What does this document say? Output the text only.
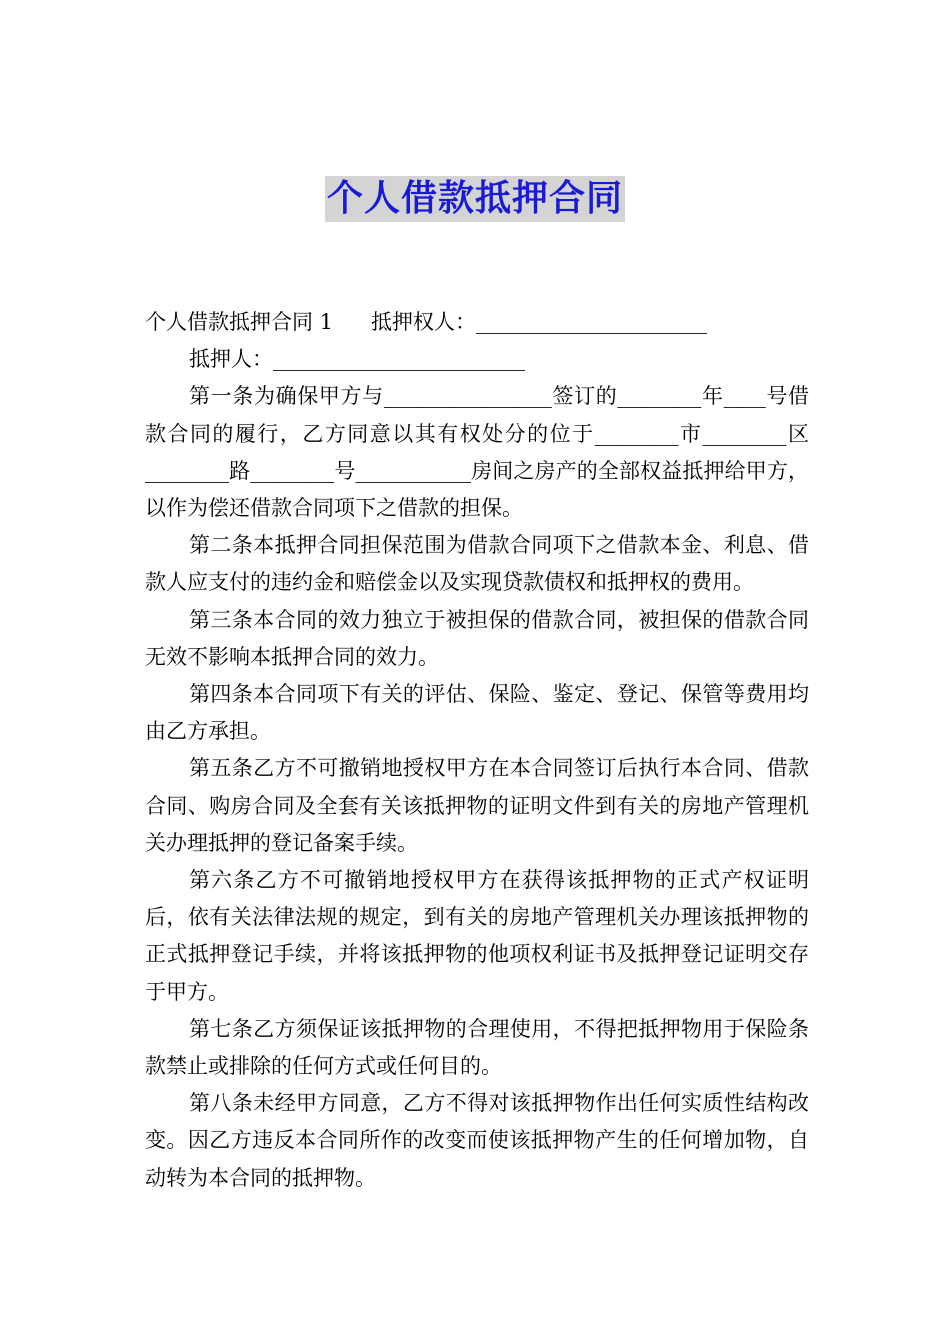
个人借款抵押合同

个人借款抵押合同 1 抵押权人：______________________

抵押人：________________________

第一条为确保甲方与________________签订的________年____号借款合同的履行，乙方同意以其有权处分的位于________市________区________路________号___________房间之房产的全部权益抵押给甲方，以作为偿还借款合同项下之借款的担保。

第二条本抵押合同担保范围为借款合同项下之借款本金、利息、借款人应支付的违约金和赔偿金以及实现贷款债权和抵押权的费用。

第三条本合同的效力独立于被担保的借款合同，被担保的借款合同无效不影响本抵押合同的效力。

第四条本合同项下有关的评估、保险、鉴定、登记、保管等费用均由乙方承担。

第五条乙方不可撤销地授权甲方在本合同签订后执行本合同、借款合同、购房合同及全套有关该抵押物的证明文件到有关的房地产管理机关办理抵押的登记备案手续。

第六条乙方不可撤销地授权甲方在获得该抵押物的正式产权证明后，依有关法律法规的规定，到有关的房地产管理机关办理该抵押物的正式抵押登记手续，并将该抵押物的他项权利证书及抵押登记证明交存于甲方。

第七条乙方须保证该抵押物的合理使用，不得把抵押物用于保险条款禁止或排除的任何方式或任何目的。

第八条未经甲方同意，乙方不得对该抵押物作出任何实质性结构改变。因乙方违反本合同所作的改变而使该抵押物产生的任何增加物，自动转为本合同的抵押物。
